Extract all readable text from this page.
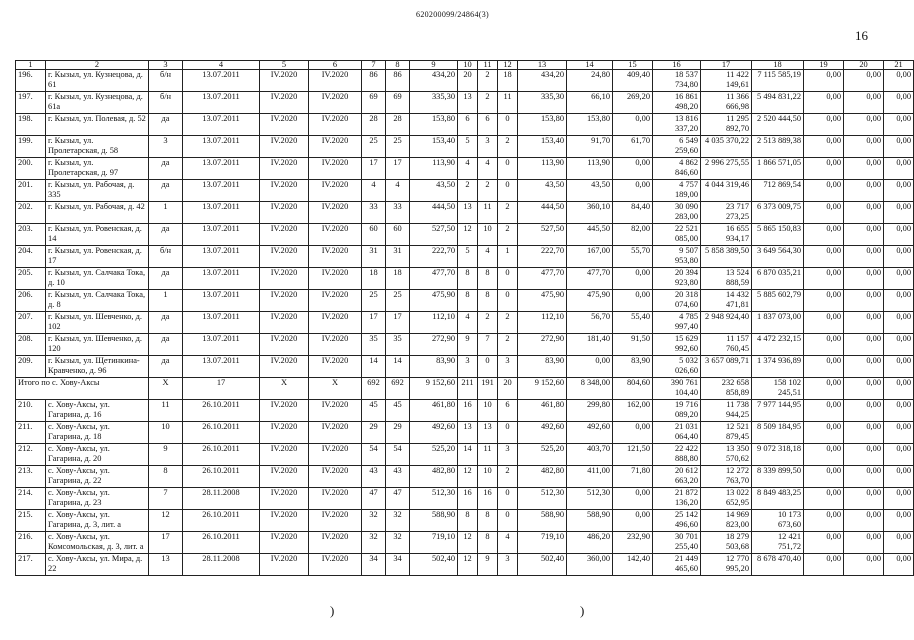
620200099/24864(3)
16
1	2	3	4	5	6	7	8	9	10	11	12	13	14	15	16	17	18	19	20	21
196.	г. Кызыл, ул. Кузнецова, д. 61	б/н	13.07.2011	IV.2020	IV.2020	86	86	434,20	20	2	18	434,20	24,80	409,40	18 537 734,80	11 422 149,61	7 115 585,19	0,00	0,00	0,00
197.	г. Кызыл, ул. Кузнецова, д. 61а	б/н	13.07.2011	IV.2020	IV.2020	69	69	335,30	13	2	11	335,30	66,10	269,20	16 861 498,20	11 366 666,98	5 494 831,22	0,00	0,00	0,00
198.	г. Кызыл, ул. Полевая, д. 52	да	13.07.2011	IV.2020	IV.2020	28	28	153,80	6	6	0	153,80	153,80	0,00	13 816 337,20	11 295 892,70	2 520 444,50	0,00	0,00	0,00
199.	г. Кызыл, ул. Пролетарская, д. 58	3	13.07.2011	IV.2020	IV.2020	25	25	153,40	5	3	2	153,40	91,70	61,70	6 549 259,60	4 035 370,22	2 513 889,38	0,00	0,00	0,00
200.	г. Кызыл, ул. Пролетарская, д. 97	да	13.07.2011	IV.2020	IV.2020	17	17	113,90	4	4	0	113,90	113,90	0,00	4 862 846,60	2 996 275,55	1 866 571,05	0,00	0,00	0,00
201.	г. Кызыл, ул. Рабочая, д. 335	да	13.07.2011	IV.2020	IV.2020	4	4	43,50	2	2	0	43,50	43,50	0,00	4 757 189,00	4 044 319,46	712 869,54	0,00	0,00	0,00
202.	г. Кызыл, ул. Рабочая, д. 42	1	13.07.2011	IV.2020	IV.2020	33	33	444,50	13	11	2	444,50	360,10	84,40	30 090 283,00	23 717 273,25	6 373 009,75	0,00	0,00	0,00
203.	г. Кызыл, ул. Ровенская, д. 14	да	13.07.2011	IV.2020	IV.2020	60	60	527,50	12	10	2	527,50	445,50	82,00	22 521 085,00	16 655 934,17	5 865 150,83	0,00	0,00	0,00
204.	г. Кызыл, ул. Ровенская, д. 17	б/н	13.07.2011	IV.2020	IV.2020	31	31	222,70	5	4	1	222,70	167,00	55,70	9 507 953,80	5 858 389,50	3 649 564,30	0,00	0,00	0,00
205.	г. Кызыл, ул. Салчака Тока, д. 10	да	13.07.2011	IV.2020	IV.2020	18	18	477,70	8	8	0	477,70	477,70	0,00	20 394 923,80	13 524 888,59	6 870 035,21	0,00	0,00	0,00
206.	г. Кызыл, ул. Салчака Тока, д. 8	1	13.07.2011	IV.2020	IV.2020	25	25	475,90	8	8	0	475,90	475,90	0,00	20 318 074,60	14 432 471,81	5 885 602,79	0,00	0,00	0,00
207.	г. Кызыл, ул. Шевченко, д. 102	да	13.07.2011	IV.2020	IV.2020	17	17	112,10	4	2	2	112,10	56,70	55,40	4 785 997,40	2 948 924,40	1 837 073,00	0,00	0,00	0,00
208.	г. Кызыл, ул. Шевченко, д. 120	да	13.07.2011	IV.2020	IV.2020	35	35	272,90	9	7	2	272,90	181,40	91,50	15 629 992,60	11 157 760,45	4 472 232,15	0,00	0,00	0,00
209.	г. Кызыл, ул. Щетинкина-Кравченко, д. 96	да	13.07.2011	IV.2020	IV.2020	14	14	83,90	3	0	3	83,90	0,00	83,90	5 032 026,60	3 657 089,71	1 374 936,89	0,00	0,00	0,00
Итого по с. Хову-Аксы		X	17	X	X	692	692	9 152,60	211	191	20	9 152,60	8 348,00	804,60	390 761 104,40	232 658 858,89	158 102 245,51	0,00	0,00	0,00
210.	с. Хову-Аксы, ул. Гагарина, д. 16	11	26.10.2011	IV.2020	IV.2020	45	45	461,80	16	10	6	461,80	299,80	162,00	19 716 089,20	11 738 944,25	7 977 144,95	0,00	0,00	0,00
211.	с. Хову-Аксы, ул. Гагарина, д. 18	10	26.10.2011	IV.2020	IV.2020	29	29	492,60	13	13	0	492,60	492,60	0,00	21 031 064,40	12 521 879,45	8 509 184,95	0,00	0,00	0,00
212.	с. Хову-Аксы, ул. Гагарина, д. 20	9	26.10.2011	IV.2020	IV.2020	54	54	525,20	14	11	3	525,20	403,70	121,50	22 422 888,80	13 350 570,62	9 072 318,18	0,00	0,00	0,00
213.	с. Хову-Аксы, ул. Гагарина, д. 22	8	26.10.2011	IV.2020	IV.2020	43	43	482,80	12	10	2	482,80	411,00	71,80	20 612 663,20	12 272 763,70	8 339 899,50	0,00	0,00	0,00
214.	с. Хову-Аксы, ул. Гагарина, д. 23	7	28.11.2008	IV.2020	IV.2020	47	47	512,30	16	16	0	512,30	512,30	0,00	21 872 136,20	13 022 652,95	8 849 483,25	0,00	0,00	0,00
215.	с. Хову-Аксы, ул. Гагарина, д. 3, лит. а	12	26.10.2011	IV.2020	IV.2020	32	32	588,90	8	8	0	588,90	588,90	0,00	25 142 496,60	14 969 823,00	10 173 673,60	0,00	0,00	0,00
216.	с. Хову-Аксы, ул. Комсомольская, д. 3, лит. а	17	26.10.2011	IV.2020	IV.2020	32	32	719,10	12	8	4	719,10	486,20	232,90	30 701 255,40	18 279 503,68	12 421 751,72	0,00	0,00	0,00
217.	с. Хову-Аксы, ул. Мира, д. 22	13	28.11.2008	IV.2020	IV.2020	34	34	502,40	12	9	3	502,40	360,00	142,40	21 449 465,60	12 770 995,20	8 678 470,40	0,00	0,00	0,00
)	)
